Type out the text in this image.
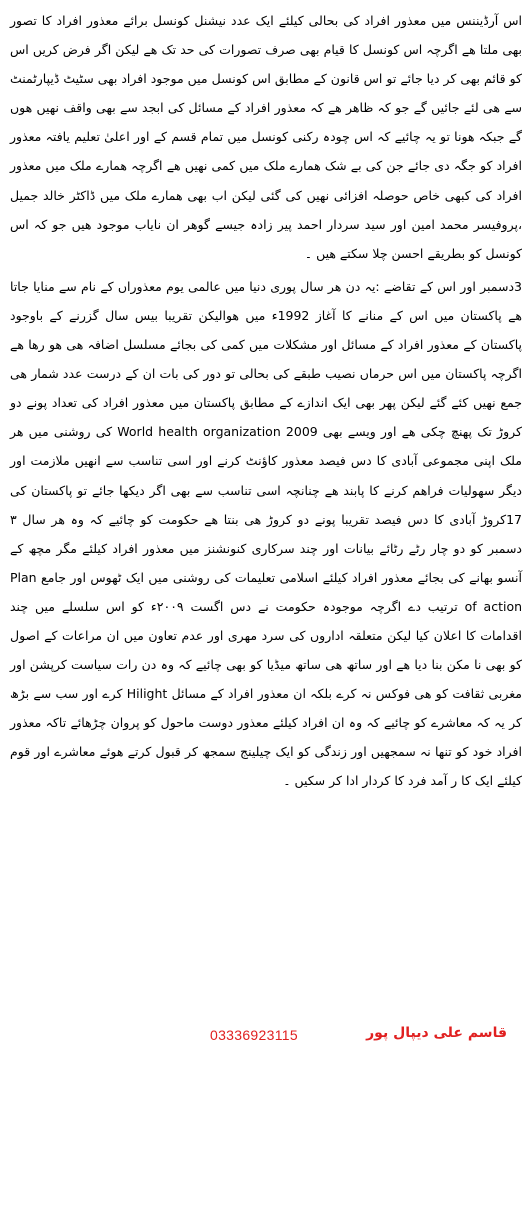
اس آرڈیننس میں معذور افراد کی بحالی کیلئے ایک عدد نیشنل کونسل برائے معذور افراد کا تصور بھی ملتا ھے اگرچہ اس کونسل کا قیام بھی صرف تصورات کی حد تک ھے لیکن اگر فرض کریں اس کو قائم بھی کر دیا جائے تو اس قانون کے مطابق اس کونسل میں موجود افراد بھی سٹیٹ ڈیپارٹمنٹ سے ھی لئے جائیں گے جو کہ ظاھر ھے کہ معذور افراد کے مسائل کی ابجد سے بھی واقف نھیں ھوں گے جبکہ ھونا تو یہ چائیے کہ اس چودہ رکنی کونسل میں تمام قسم کے اور اعلیٰ تعلیم یافتہ معذور افراد کو جگہ دی جائے جن کی بے شک ھمارے ملک میں کمی نھیں ھے اگرچہ ھمارے ملک میں معذور افراد کی کبھی خاص حوصلہ افزائی نھیں کی گئی لیکن اب بھی ھمارے ملک میں ڈاکٹر خالد جمیل ،پروفیسر محمد امین اور سید سردار احمد پیر زادہ جیسے گوھر ان نایاب موجود ھیں جو کہ اس کونسل کو بطریقے احسن چلا سکتے ھیں ۔

3دسمبر اور اس کے تقاضے :یہ دن ھر سال پوری دنیا میں عالمی یوم معذوراں کے نام سے منایا جاتا ھے پاکستان میں اس کے منانے کا آغاز 1992ء میں ھوالیکن تقریبا بیس سال گزرنے کے باوجود پاکستان کے معذور افراد کے مسائل اور مشکلات میں کمی کی بجائے مسلسل اضافہ ھی ھو رھا ھے اگرچہ پاکستان میں اس حرماں نصیب طبقے کی بحالی تو دور کی بات ان کے درست عدد شمار ھی جمع نھیں کئے گئے لیکن پھر بھی ایک اندازے کے مطابق پاکستان میں معذور افراد کی تعداد پونے دو کروڑ تک پھنچ چکی ھے اور ویسے بھی World health organization 2009 کی روشنی میں ھر ملک اپنی مجموعی آبادی کا دس فیصد معذور کاؤنٹ کرنے اور اسی تناسب سے انھیں ملازمت اور دیگر سھولیات فراھم کرنے کا پابند ھے چنانچہ اسی تناسب سے بھی اگر دیکھا جائے تو پاکستان کی 17کروڑ آبادی کا دس فیصد تقریبا پونے دو کروڑ ھی بنتا ھے حکومت کو چائیے کہ وہ ھر سال ۳ دسمبر کو دو چار رٹے رٹائے بیانات اور چند سرکاری کنونشنز میں معذور افراد کیلئے مگر مچھ کے آنسو بھانے کی بجائے معذور افراد کیلئے اسلامی تعلیمات کی روشنی میں ایک ٹھوس اور جامع Plan of action ترتیب دے اگرچہ موجودہ حکومت نے دس اگست ۲۰۰۹ء کو اس سلسلے میں چند اقدامات کا اعلان کیا لیکن متعلقہ اداروں کی سرد مھری اور عدم تعاون میں ان مراعات کے اصول کو بھی نا مکن بنا دیا ھے اور ساتھ ھی ساتھ میڈیا کو بھی چائیے کہ وہ دن رات سیاست کرپشن اور مغربی ثقافت کو ھی فوکس نہ کرے بلکہ ان معذور افراد کے مسائل Hilight کرے اور سب سے بڑھ کر یہ کہ معاشرے کو چائیے کہ وہ ان افراد کیلئے معذور دوست ماحول کو پروان چڑھائے تاکہ معذور افراد خود کو تنھا نہ سمجھیں اور زندگی کو ایک چیلینج سمجھ کر قبول کرتے ھوئے معاشرے اور قوم کیلئے ایک کا ر آمد فرد کا کردار ادا کر سکیں ۔

03336923115	قاسم علی دیپال پور
